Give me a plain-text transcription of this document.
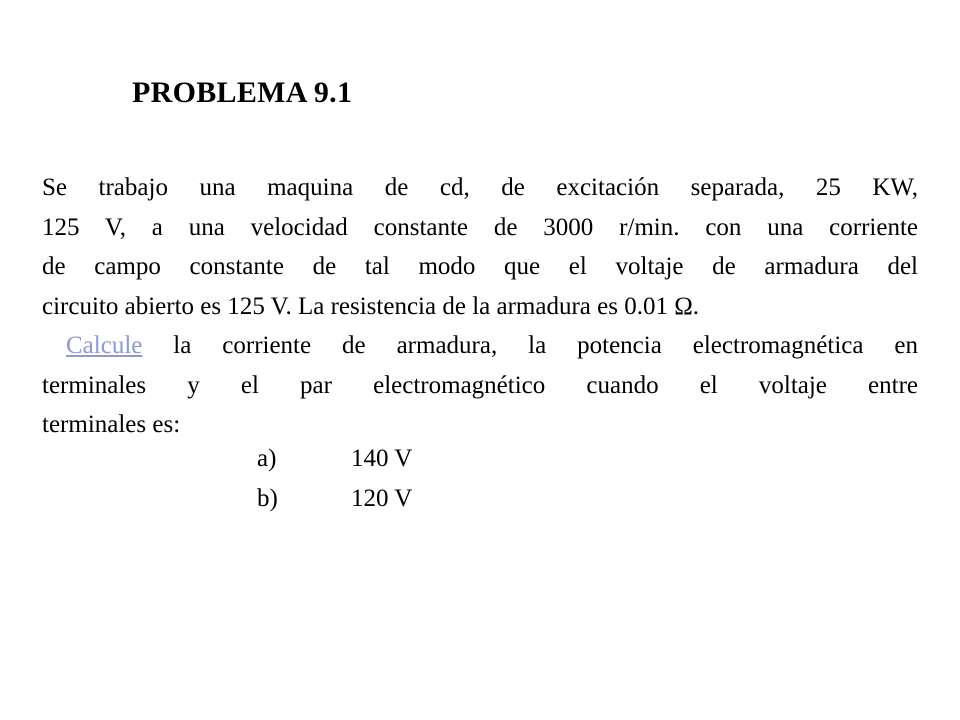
PROBLEMA 9.1
Se trabajo una maquina de cd, de excitación separada, 25 KW,
125 V, a una velocidad constante de 3000 r/min. con una corriente
de campo constante de tal modo que el voltaje de armadura del
circuito abierto es 125 V. La resistencia de la armadura es 0.01 Ω.
Calcule la corriente de armadura, la potencia electromagnética en
terminales y el par electromagnético cuando el voltaje entre
terminales es:
a)	140 V
b)	120 V
